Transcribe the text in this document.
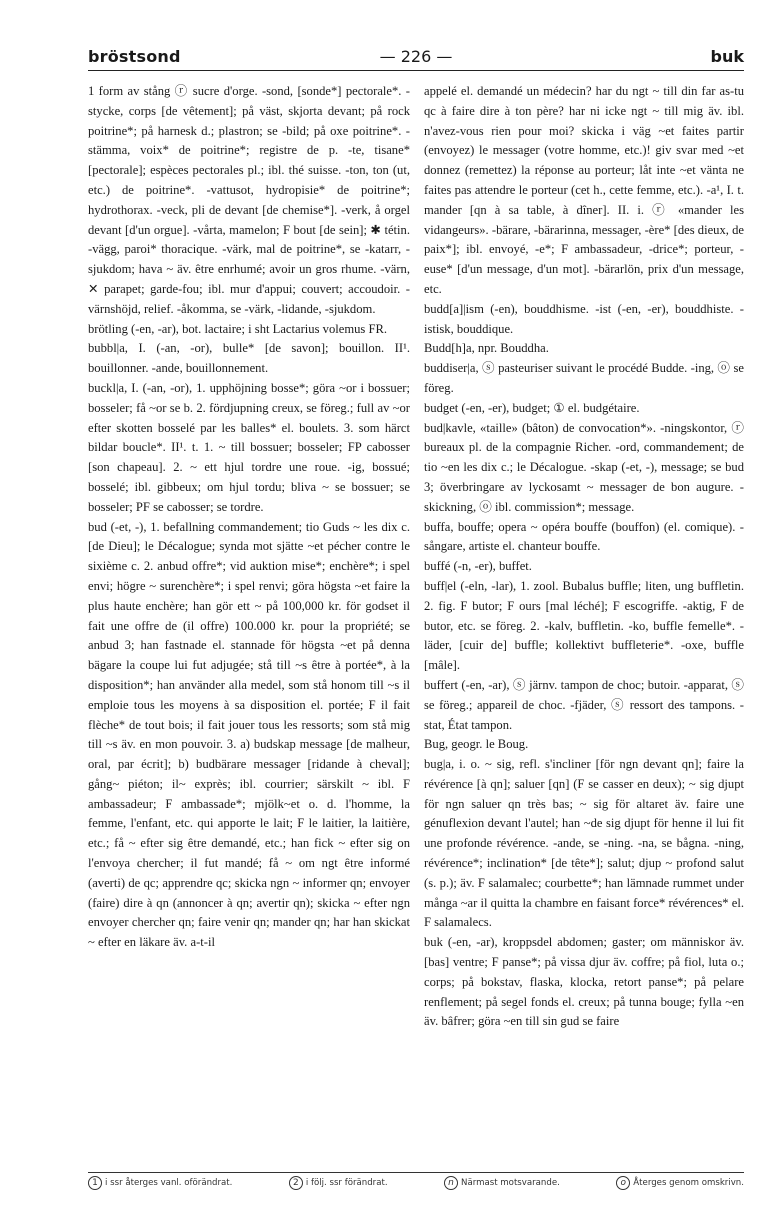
bröstsond	— 226 —	buk

1 form av stång ⓡ sucre d'orge. -sond, [sonde*] pectorale*. -stycke, corps [de vêtement]; på väst, skjorta devant; på rock poitrine*; på harnesk d.; plastron; se -bild; på oxe poitrine*. -stämma, voix* de poitrine*; registre de p. -te, tisane* [pectorale]; espèces pectorales pl.; ibl. thé suisse. -ton, ton (ut, etc.) de poitrine*. -vattusot, hydropisie* de poitrine*; hydrothorax. -veck, pli de devant [de chemise*]. -verk, å orgel devant [d'un orgue]. -vårta, mamelon; F bout [de sein]; ✱ tétin. -vägg, paroi* thoracique. -värk, mal de poitrine*, se -katarr, -sjukdom; hava ~ äv. être enrhumé; avoir un gros rhume. -värn, ✕ parapet; garde-fou; ibl. mur d'appui; couvert; accoudoir. -värnshöjd, relief. -åkomma, se -värk, -lidande, -sjukdom.

brötling (-en, -ar), bot. lactaire; i sht Lactarius volemus FR.

bubbl|a, I. (-an, -or), bulle* [de savon]; bouillon. II¹. bouillonner. -ande, bouillonnement.

buckl|a, I. (-an, -or), 1. upphöjning bosse*; göra ~or i bossuer; bosseler; få ~or se b. 2. fördjupning creux, se föreg.; full av ~or efter skotten bosselé par les balles* el. boulets. 3. som härct bildar boucle*. II¹. t. 1. ~ till bossuer; bosseler; FP cabosser [son chapeau]. 2. ~ ett hjul tordre une roue. -ig, bossué; bosselé; ibl. gibbeux; om hjul tordu; bliva ~ se bossuer; se bosseler; PF se cabosser; se tordre.

bud (-et, -), 1. befallning commandement; tio Guds ~ les dix c. [de Dieu]; le Décalogue; synda mot sjätte ~et pécher contre le sixième c. 2. anbud offre*; vid auktion mise*; enchère*; i spel envi; högre ~ surenchère*; i spel renvi; göra högsta ~et faire la plus haute enchère; han gör ett ~ på 100,000 kr. för godset il fait une offre de (il offre) 100.000 kr. pour la propriété; se anbud 3; han fastnade el. stannade för högsta ~et på denna bägare la coupe lui fut adjugée; stå till ~s être à portée*, à la disposition*; han använder alla medel, som stå honom till ~s il emploie tous les moyens à sa disposition el. portée; F il fait flèche* de tout bois; il fait jouer tous les ressorts; som stå mig till ~s äv. en mon pouvoir. 3. a) budskap message [de malheur, oral, par écrit]; b) budbärare messager [ridande à cheval]; gång~ piéton; il~ exprès; ibl. courrier; särskilt ~ ibl. F ambassadeur; F ambassade*; mjölk~et o. d. l'homme, la femme, l'enfant, etc. qui apporte le lait; F le laitier, la laitière, etc.; få ~ efter sig être demandé, etc.; han fick ~ efter sig on l'envoya chercher; il fut mandé; få ~ om ngt être informé (averti) de qc; apprendre qc; skicka ngn ~ informer qn; envoyer (faire) dire à qn (annoncer à qn; avertir qn); skicka ~ efter ngn envoyer chercher qn; faire venir qn; mander qn; har han skickat ~ efter en läkare äv. a-t-il

appelé el. demandé un médecin? har du ngt ~ till din far as-tu qc à faire dire à ton père? har ni icke ngt ~ till mig äv. ibl. n'avez-vous rien pour moi? skicka i väg ~et faites partir (envoyez) le messager (votre homme, etc.)! giv svar med ~et donnez (remettez) la réponse au porteur; låt inte ~et vänta ne faites pas attendre le porteur (cet h., cette femme, etc.). -a¹, I. t. mander [qn à sa table, à dîner]. II. i. ⓡ «mander les vidangeurs». -bärare, -bärarinna, messager, -ère* [des dieux, de paix*]; ibl. envoyé, -e*; F ambassadeur, -drice*; porteur, -euse* [d'un message, d'un mot]. -bärarlön, prix d'un message, etc.

budd[a]|ism (-en), bouddhisme. -ist (-en, -er), bouddhiste. -istisk, bouddique.

Budd[h]a, npr. Bouddha.

buddiser|a, ⓢ pasteuriser suivant le procédé Budde. -ing, ⓞ se föreg.

budget (-en, -er), budget; ① el. budgétaire.

bud|kavle, «taille» (bâton) de convocation*». -ningskontor, ⓡ bureaux pl. de la compagnie Richer. -ord, commandement; de tio ~en les dix c.; le Décalogue. -skap (-et, -), message; se bud 3; överbringare av lyckosamt ~ messager de bon augure. -skickning, ⓞ ibl. commission*; message.

buffa, bouffe; opera ~ opéra bouffe (bouffon) (el. comique). -sångare, artiste el. chanteur bouffe.

buffé (-n, -er), buffet.

buff|el (-eln, -lar), 1. zool. Bubalus buffle; liten, ung buffletin. 2. fig. F butor; F ours [mal léché]; F escogriffe. -aktig, F de butor, etc. se föreg. 2. -kalv, buffletin. -ko, buffle femelle*. -läder, [cuir de] buffle; kollektivt buffleterie*. -oxe, buffle [mâle].

buffert (-en, -ar), ⓢ järnv. tampon de choc; butoir. -apparat, ⓢ se föreg.; appareil de choc. -fjäder, ⓢ ressort des tampons. -stat, État tampon.

Bug, geogr. le Boug.

bug|a, i. o. ~ sig, refl. s'incliner [för ngn devant qn]; faire la révérence [à qn]; saluer [qn] (F se casser en deux); ~ sig djupt för ngn saluer qn très bas; ~ sig för altaret äv. faire une génuflexion devant l'autel; han ~de sig djupt för henne il lui fit une profonde révérence. -ande, se -ning. -na, se bågna. -ning, révérence*; inclination* [de tête*]; salut; djup ~ profond salut (s. p.); äv. F salamalec; courbette*; han lämnade rummet under många ~ar il quitta la chambre en faisant force* révérences* el. F salamalecs.

buk (-en, -ar), kroppsdel abdomen; gaster; om människor äv. [bas] ventre; F panse*; på vissa djur äv. coffre; på fiol, luta o.; corps; på bokstav, flaska, klocka, retort panse*; på pelare renflement; på segel fonds el. creux; på tunna bouge; fylla ~en äv. bâfrer; göra ~en till sin gud se faire

1 i ssr återges vanl. oförändrat.	2 i följ. ssr förändrat.	n Närmast motsvarande.	o Återges genom omskrivn.
